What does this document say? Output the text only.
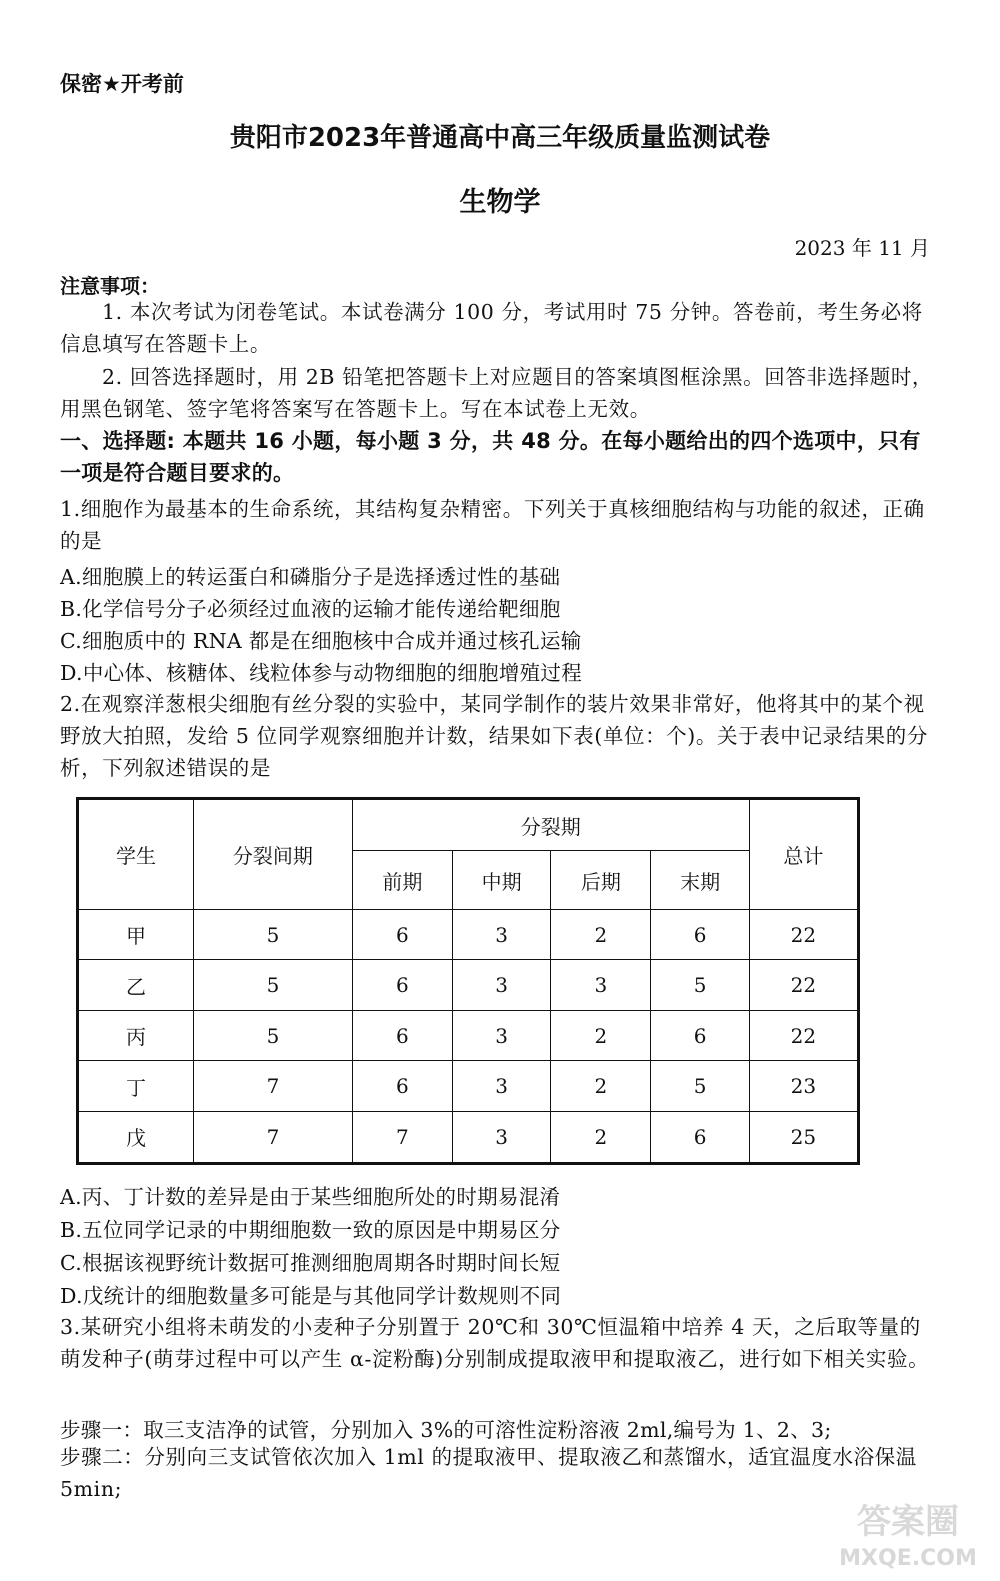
保密★开考前
贵阳市2023年普通高中高三年级质量监测试卷
生物学
2023 年 11 月
注意事项：
1. 本次考试为闭卷笔试。本试卷满分 100 分，考试用时 75 分钟。答卷前，考生务必将信息填写在答题卡上。
2. 回答选择题时，用 2B 铅笔把答题卡上对应题目的答案填图框涂黑。回答非选择题时，用黑色钢笔、签字笔将答案写在答题卡上。写在本试卷上无效。
一、选择题: 本题共 16 小题，每小题 3 分，共 48 分。在每小题给出的四个选项中，只有一项是符合题目要求的。
1.细胞作为最基本的生命系统，其结构复杂精密。下列关于真核细胞结构与功能的叙述，正确的是
A.细胞膜上的转运蛋白和磷脂分子是选择透过性的基础
B.化学信号分子必须经过血液的运输才能传递给靶细胞
C.细胞质中的 RNA 都是在细胞核中合成并通过核孔运输
D.中心体、核糖体、线粒体参与动物细胞的细胞增殖过程
2.在观察洋葱根尖细胞有丝分裂的实验中，某同学制作的装片效果非常好，他将其中的某个视野放大拍照，发给 5 位同学观察细胞并计数，结果如下表(单位：个)。关于表中记录结果的分析，下列叙述错误的是
学生	分裂间期	分裂期				总计
		前期	中期	后期	末期	
甲	5	6	3	2	6	22
乙	5	6	3	3	5	22
丙	5	6	3	2	6	22
丁	7	6	3	2	5	23
戊	7	7	3	2	6	25
A.丙、丁计数的差异是由于某些细胞所处的时期易混淆
B.五位同学记录的中期细胞数一致的原因是中期易区分
C.根据该视野统计数据可推测细胞周期各时期时间长短
D.戊统计的细胞数量多可能是与其他同学计数规则不同
3.某研究小组将未萌发的小麦种子分别置于 20℃和 30℃恒温箱中培养 4 天，之后取等量的萌发种子(萌芽过程中可以产生 α-淀粉酶)分别制成提取液甲和提取液乙，进行如下相关实验。
步骤一：取三支洁净的试管，分别加入 3%的可溶性淀粉溶液 2ml,编号为 1、2、3;
步骤二：分别向三支试管依次加入 1ml 的提取液甲、提取液乙和蒸馏水，适宜温度水浴保温 5min;
答案圈
MXQE.COM
